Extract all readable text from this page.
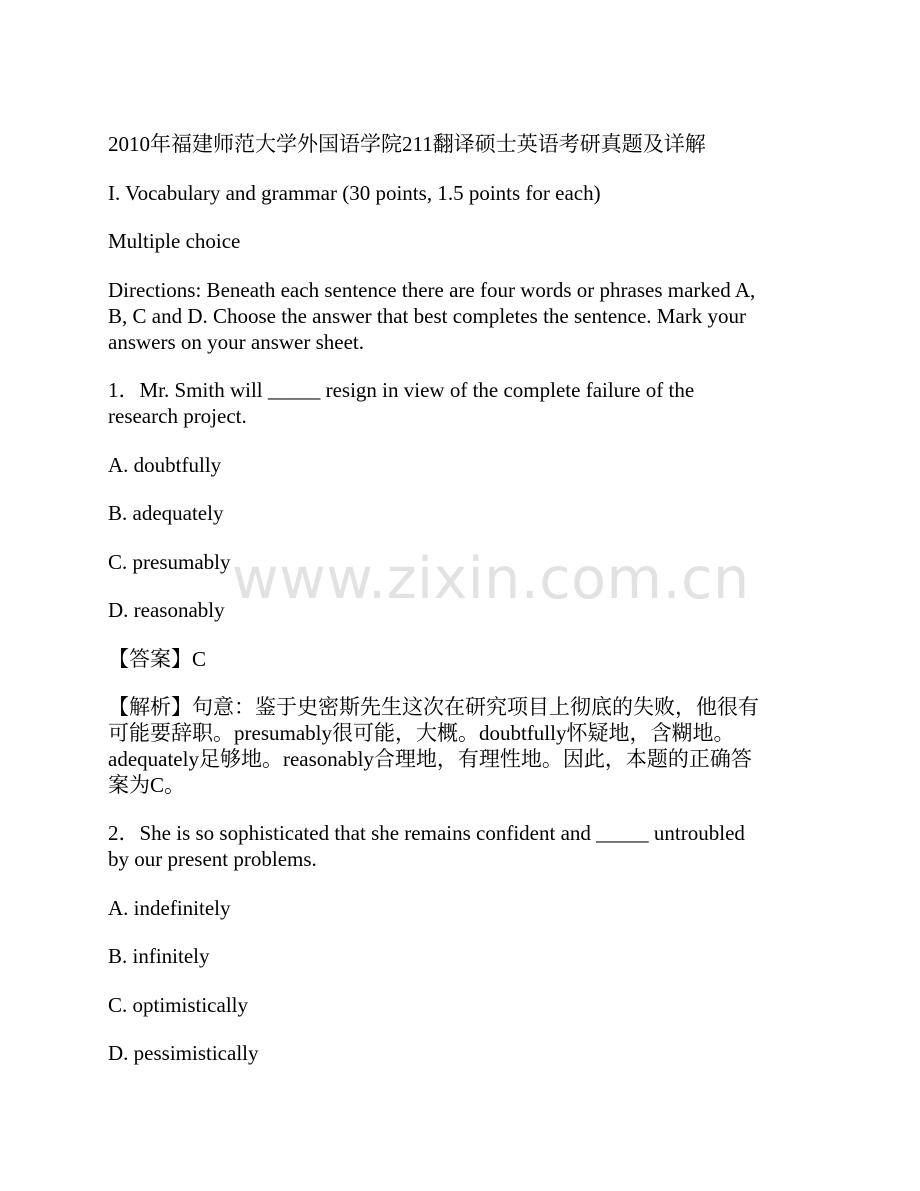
2010年福建师范大学外国语学院211翻译硕士英语考研真题及详解
I. Vocabulary and grammar (30 points, 1.5 points for each)
Multiple choice
Directions: Beneath each sentence there are four words or phrases marked A,
B, C and D. Choose the answer that best completes the sentence. Mark your
answers on your answer sheet.
1．Mr. Smith will _____ resign in view of the complete failure of the
research project.
A. doubtfully
B. adequately
C. presumably
D. reasonably
【答案】C
【解析】句意：鉴于史密斯先生这次在研究项目上彻底的失败，他很有
可能要辞职。presumably很可能，大概。doubtfully怀疑地，含糊地。
adequately足够地。reasonably合理地，有理性地。因此，本题的正确答
案为C。
2．She is so sophisticated that she remains confident and _____ untroubled
by our present problems.
A. indefinitely
B. infinitely
C. optimistically
D. pessimistically
www.zixin.com.cn
